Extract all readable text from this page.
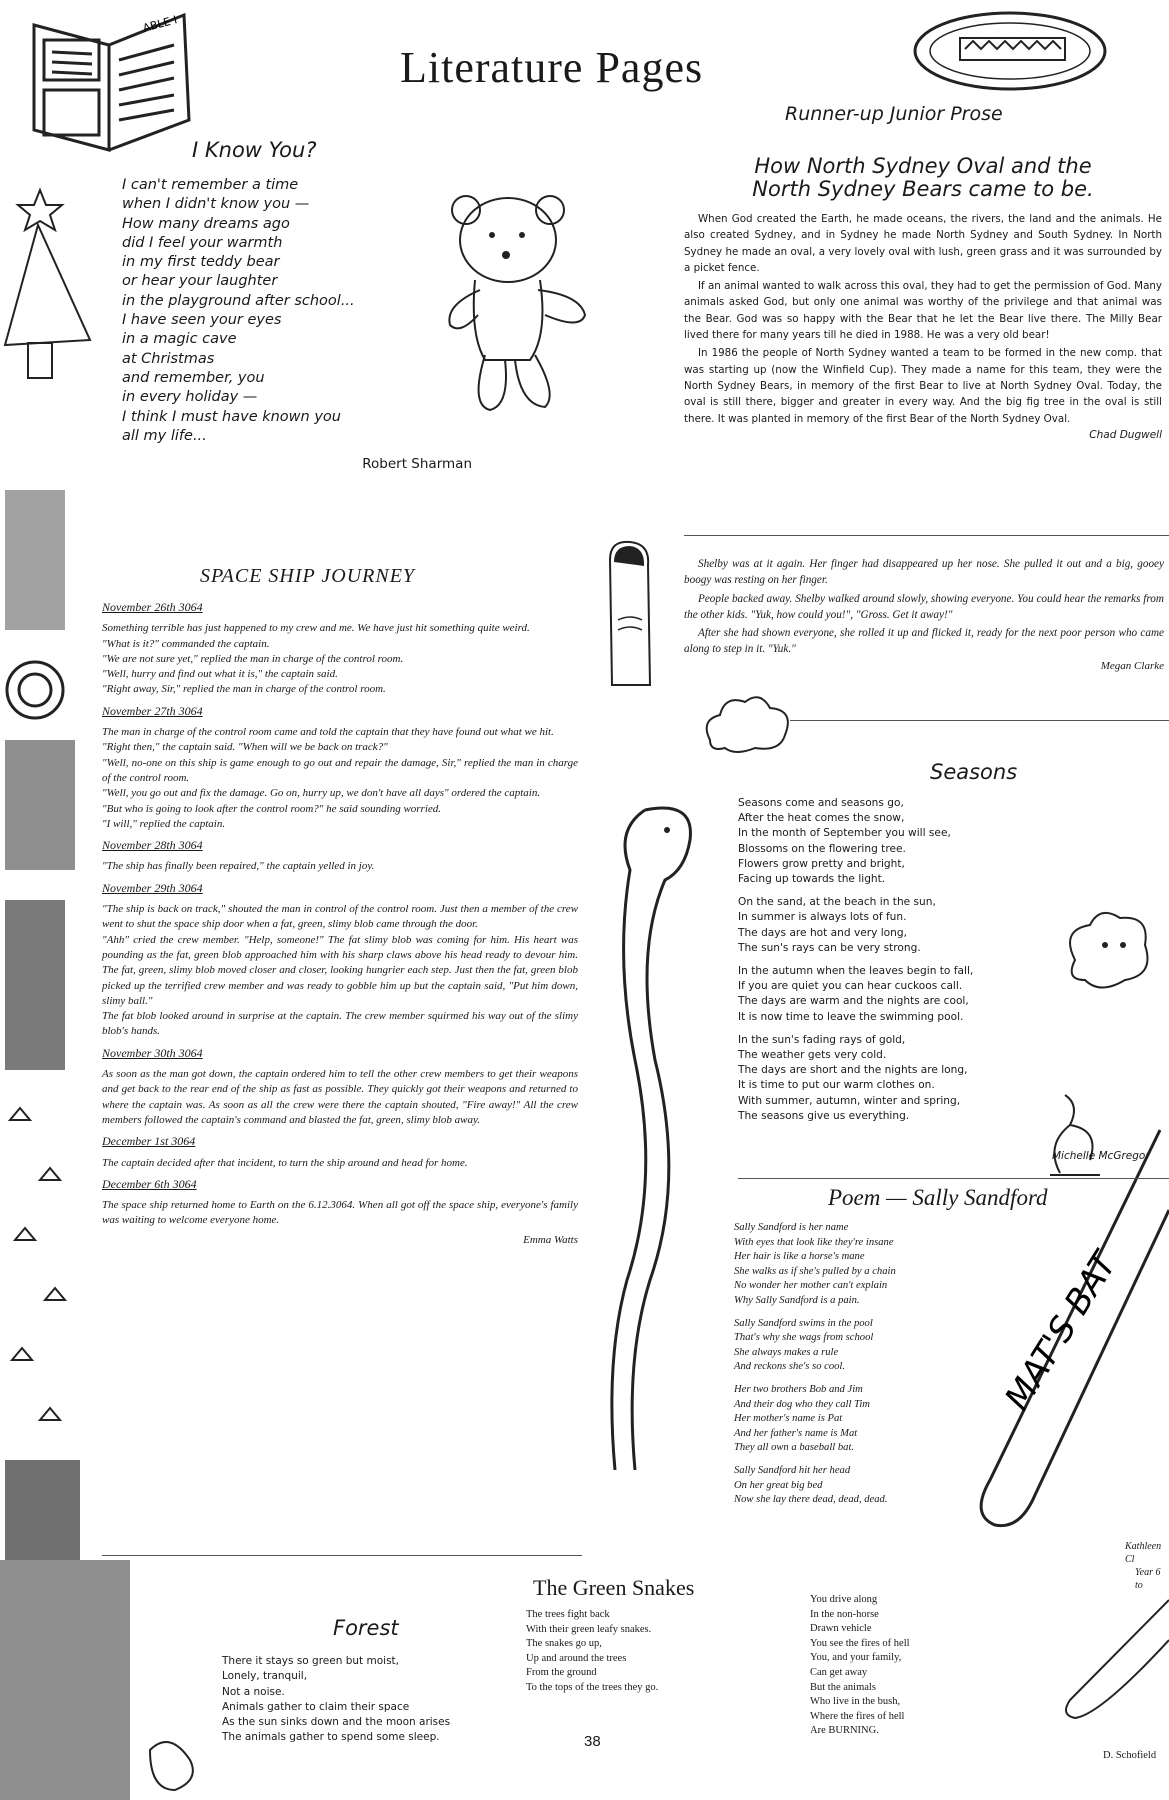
Literature Pages
ABLE I
MAT'S BAT
I Know You?
I can't remember a time
when I didn't know you —
How many dreams ago
did I feel your warmth
in my first teddy bear
or hear your laughter
in the playground after school...
I have seen your eyes
in a magic cave
at Christmas
and remember, you
in every holiday —
I think I must have known you
all my life...
Robert Sharman
Runner-up Junior Prose
How North Sydney Oval and the
North Sydney Bears came to be.

When God created the Earth, he made oceans, the rivers, the land and the animals. He also created Sydney, and in Sydney he made North Sydney and South Sydney. In North Sydney he made an oval, a very lovely oval with lush, green grass and it was surrounded by a picket fence.

If an animal wanted to walk across this oval, they had to get the permission of God. Many animals asked God, but only one animal was worthy of the privilege and that animal was the Bear. God was so happy with the Bear that he let the Bear live there. The Milly Bear lived there for many years till he died in 1988. He was a very old bear!

In 1986 the people of North Sydney wanted a team to be formed in the new comp. that was starting up (now the Winfield Cup). They made a name for this team, they were the North Sydney Bears, in memory of the first Bear to live at North Sydney Oval. Today, the oval is still there, bigger and greater in every way. And the big fig tree in the oval is still there. It was planted in memory of the first Bear of the North Sydney Oval.

Chad Dugwell

Shelby was at it again. Her finger had disappeared up her nose. She pulled it out and a big, gooey boogy was resting on her finger.

People backed away. Shelby walked around slowly, showing everyone. You could hear the remarks from the other kids. "Yuk, how could you!", "Gross. Get it away!"

After she had shown everyone, she rolled it up and flicked it, ready for the next poor person who came along to step in it. "Yuk."

Megan Clarke
SPACE SHIP JOURNEY
November 26th 3064
Something terrible has just happened to my crew and me. We have just hit something quite weird.
"What is it?" commanded the captain.
"We are not sure yet," replied the man in charge of the control room.
"Well, hurry and find out what it is," the captain said.
"Right away, Sir," replied the man in charge of the control room.
November 27th 3064
The man in charge of the control room came and told the captain that they have found out what we hit.
"Right then," the captain said. "When will we be back on track?"
"Well, no-one on this ship is game enough to go out and repair the damage, Sir," replied the man in charge of the control room.
"Well, you go out and fix the damage. Go on, hurry up, we don't have all days" ordered the captain.
"But who is going to look after the control room?" he said sounding worried.
"I will," replied the captain.
November 28th 3064
"The ship has finally been repaired," the captain yelled in joy.
November 29th 3064
"The ship is back on track," shouted the man in control of the control room. Just then a member of the crew went to shut the space ship door when a fat, green, slimy blob came through the door.
"Ahh" cried the crew member. "Help, someone!" The fat slimy blob was coming for him. His heart was pounding as the fat, green blob approached him with his sharp claws above his head ready to devour him. The fat, green, slimy blob moved closer and closer, looking hungrier each step. Just then the fat, green blob picked up the terrified crew member and was ready to gobble him up but the captain said, "Put him down, slimy ball."
The fat blob looked around in surprise at the captain. The crew member squirmed his way out of the slimy blob's hands.
November 30th 3064
As soon as the man got down, the captain ordered him to tell the other crew members to get their weapons and get back to the rear end of the ship as fast as possible. They quickly got their weapons and returned to where the captain was. As soon as all the crew were there the captain shouted, "Fire away!" All the crew members followed the captain's command and blasted the fat, green, slimy blob away.
December 1st 3064
The captain decided after that incident, to turn the ship around and head for home.
December 6th 3064
The space ship returned home to Earth on the 6.12.3064. When all got off the space ship, everyone's family was waiting to welcome everyone home.
Emma Watts
Seasons
Seasons come and seasons go,
After the heat comes the snow,
In the month of September you will see,
Blossoms on the flowering tree.
Flowers grow pretty and bright,
Facing up towards the light.
On the sand, at the beach in the sun,
In summer is always lots of fun.
The days are hot and very long,
The sun's rays can be very strong.
In the autumn when the leaves begin to fall,
If you are quiet you can hear cuckoos call.
The days are warm and the nights are cool,
It is now time to leave the swimming pool.
In the sun's fading rays of gold,
The weather gets very cold.
The days are short and the nights are long,
It is time to put our warm clothes on.
With summer, autumn, winter and spring,
The seasons give us everything.
Michelle McGregor
Poem — Sally Sandford
Sally Sandford is her name
With eyes that look like they're insane
Her hair is like a horse's mane
She walks as if she's pulled by a chain
No wonder her mother can't explain
Why Sally Sandford is a pain.
Sally Sandford swims in the pool
That's why she wags from school
She always makes a rule
And reckons she's so cool.
Her two brothers Bob and Jim
And their dog who they call Tim
Her mother's name is Pat
And her father's name is Mat
They all own a baseball bat.
Sally Sandford hit her head
On her great big bed
Now she lay there dead, dead, dead.
Kathleen Cl
Year 6 to
Forest
There it stays so green but moist,
Lonely, tranquil,
Not a noise.
Animals gather to claim their space
As the sun sinks down and the moon arises
The animals gather to spend some sleep.
The Green Snakes
The trees fight back
With their green leafy snakes.
The snakes go up,
Up and around the trees
From the ground
To the tops of the trees they go.
You drive along
In the non-horse
Drawn vehicle
You see the fires of hell
You, and your family,
Can get away
But the animals
Who live in the bush,
Where the fires of hell
Are BURNING.
D. Schofield
38
